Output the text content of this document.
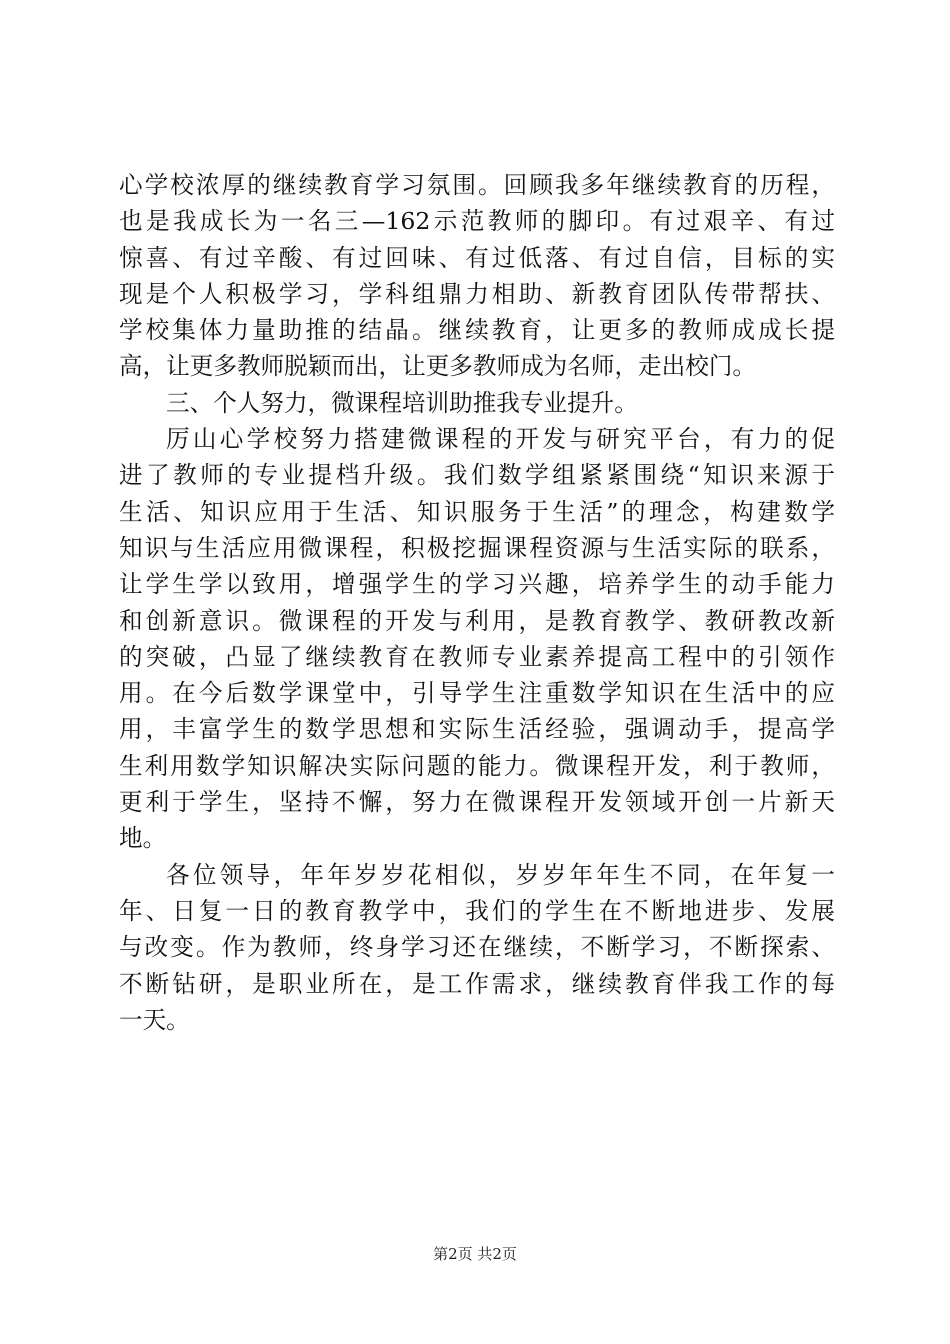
心学校浓厚的继续教育学习氛围。回顾我多年继续教育的历程，
也是我成长为一名三—162示范教师的脚印。有过艰辛、有过
惊喜、有过辛酸、有过回味、有过低落、有过自信，目标的实
现是个人积极学习，学科组鼎力相助、新教育团队传带帮扶、
学校集体力量助推的结晶。继续教育，让更多的教师成成长提
高，让更多教师脱颖而出，让更多教师成为名师，走出校门。
三、个人努力，微课程培训助推我专业提升。
厉山心学校努力搭建微课程的开发与研究平台，有力的促
进了教师的专业提档升级。我们数学组紧紧围绕“知识来源于
生活、知识应用于生活、知识服务于生活”的理念，构建数学
知识与生活应用微课程，积极挖掘课程资源与生活实际的联系，
让学生学以致用，增强学生的学习兴趣，培养学生的动手能力
和创新意识。微课程的开发与利用，是教育教学、教研教改新
的突破，凸显了继续教育在教师专业素养提高工程中的引领作
用。在今后数学课堂中，引导学生注重数学知识在生活中的应
用，丰富学生的数学思想和实际生活经验，强调动手，提高学
生利用数学知识解决实际问题的能力。微课程开发，利于教师，
更利于学生，坚持不懈，努力在微课程开发领域开创一片新天
地。
各位领导，年年岁岁花相似，岁岁年年生不同，在年复一
年、日复一日的教育教学中，我们的学生在不断地进步、发展
与改变。作为教师，终身学习还在继续，不断学习，不断探索、
不断钻研，是职业所在，是工作需求，继续教育伴我工作的每
一天。
第2页 共2页
